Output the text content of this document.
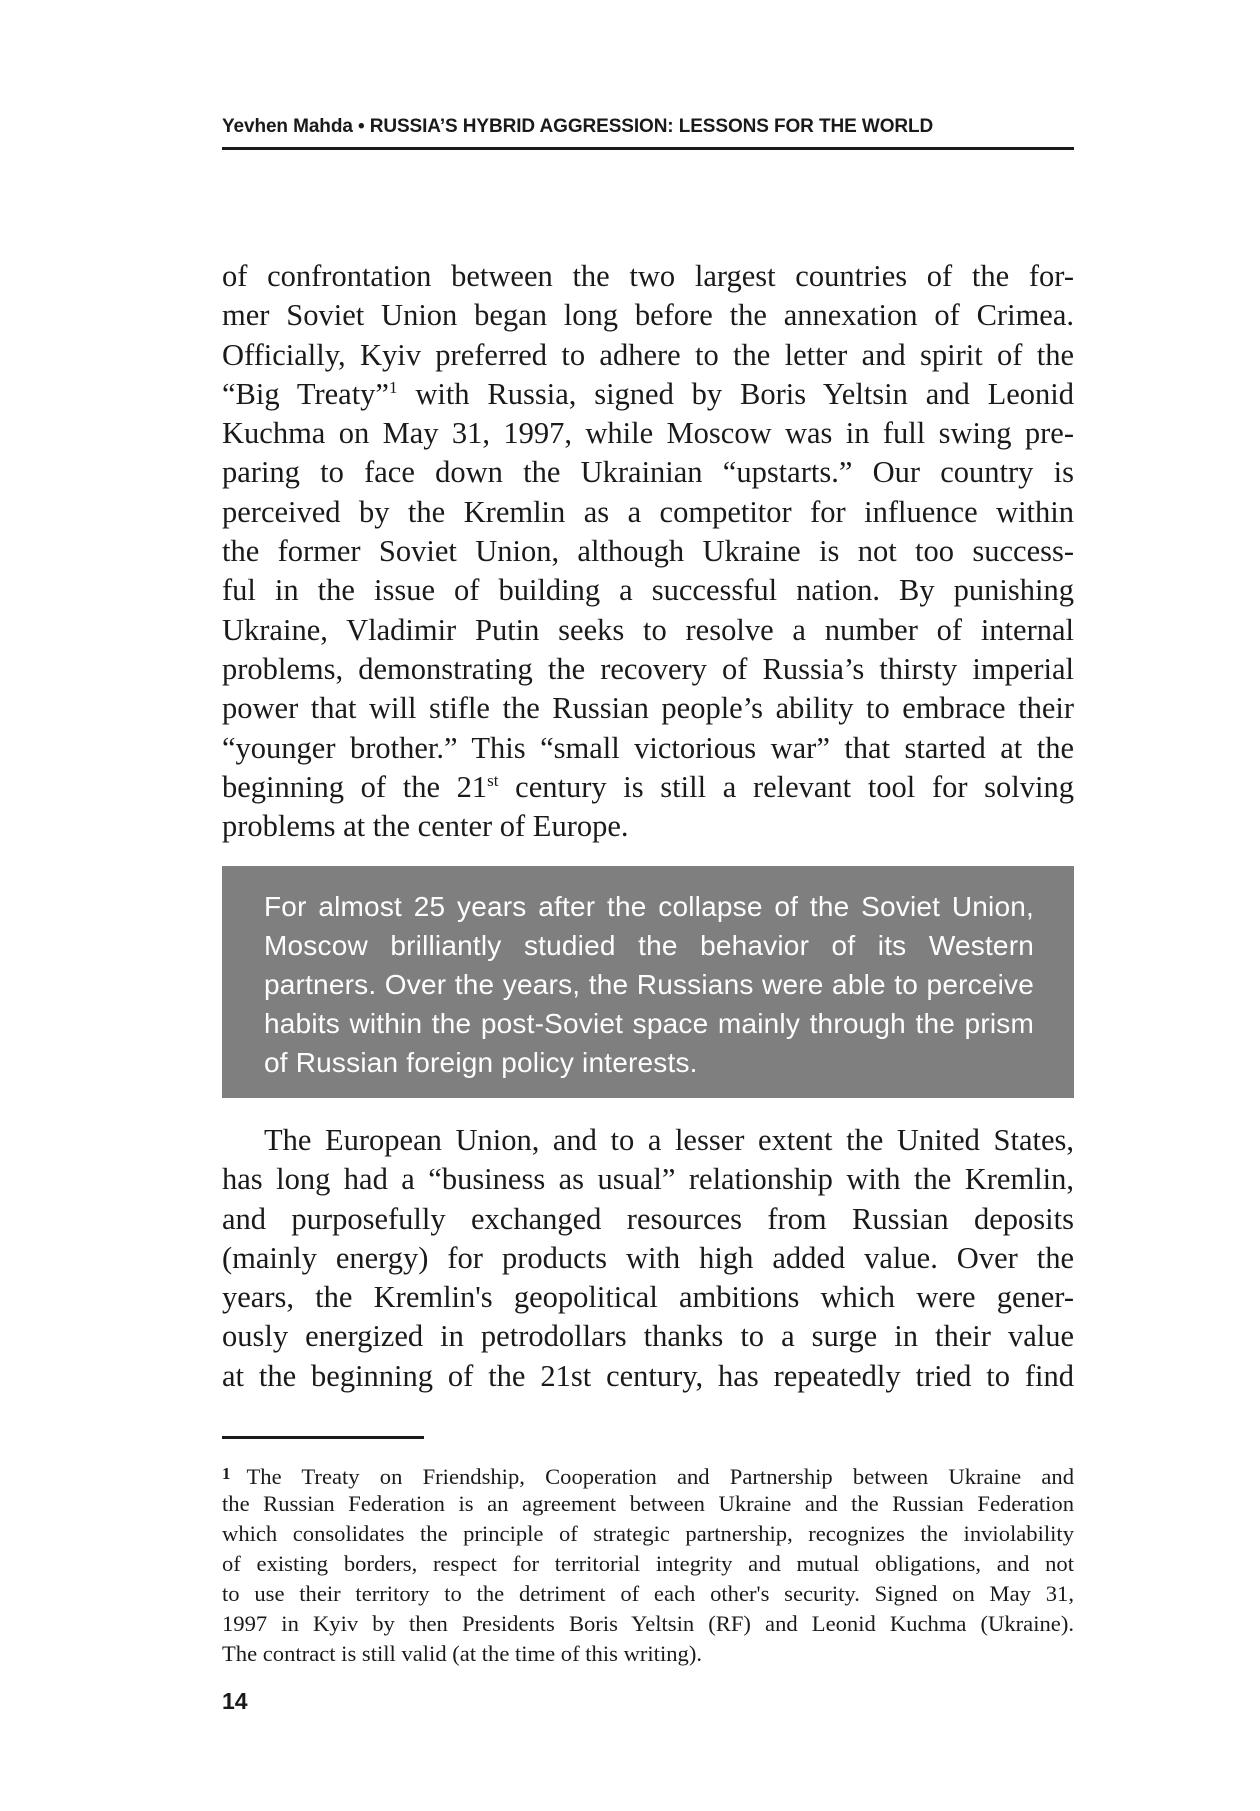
Yevhen Mahda • RUSSIA’S HYBRID AGGRESSION: LESSONS FOR THE WORLD
of confrontation between the two largest countries of the for-
mer Soviet Union began long before the annexation of Crimea.
Officially, Kyiv preferred to adhere to the letter and spirit of the
“Big Treaty”$^1$ with Russia, signed by Boris Yeltsin and Leonid
Kuchma on May 31, 1997, while Moscow was in full swing pre-
paring to face down the Ukrainian “upstarts.” Our country is
perceived by the Kremlin as a competitor for influence within
the former Soviet Union, although Ukraine is not too success-
ful in the issue of building a successful nation. By punishing
Ukraine, Vladimir Putin seeks to resolve a number of internal
problems, demonstrating the recovery of Russia’s thirsty imperial
power that will stifle the Russian people’s ability to embrace their
“younger brother.” This “small victorious war” that started at the
beginning of the 21st century is still a relevant tool for solving
problems at the center of Europe.
For almost 25 years after the collapse of the Soviet Union,
Moscow brilliantly studied the behavior of its Western
partners. Over the years, the Russians were able to perceive
habits within the post-Soviet space mainly through the prism
of Russian foreign policy interests.
The European Union, and to a lesser extent the United States,
has long had a “business as usual” relationship with the Kremlin,
and purposefully exchanged resources from Russian deposits
(mainly energy) for products with high added value. Over the
years, the Kremlin's geopolitical ambitions which were gener-
ously energized in petrodollars thanks to a surge in their value
at the beginning of the 21st century, has repeatedly tried to find
$^1$ The Treaty on Friendship, Cooperation and Partnership between Ukraine and
the Russian Federation is an agreement between Ukraine and the Russian Federation
which consolidates the principle of strategic partnership, recognizes the inviolability
of existing borders, respect for territorial integrity and mutual obligations, and not
to use their territory to the detriment of each other's security. Signed on May 31,
1997 in Kyiv by then Presidents Boris Yeltsin (RF) and Leonid Kuchma (Ukraine).
The contract is still valid (at the time of this writing).
14
